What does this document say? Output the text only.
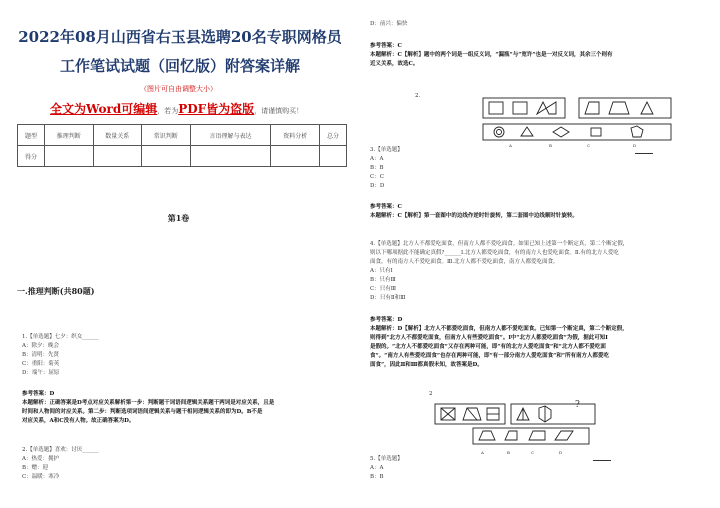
2022年08月山西省右玉县选聘20名专职网格员
工作笔试试题（回忆版）附答案详解
（图片可自由调整大小）
全文为Word可编辑，若为PDF皆为盗版，请谨慎购买！
题型	推理判断	数量关系	常识判断	言语理解与表达	资料分析	总分
得分						
第1卷
一.推理判断(共80题)
1.【单选题】七夕：织女______
A：除夕：晚会
B：清明：先贤
C：重阳：菊英
D：端午：屈原
参考答案：D
本题解析：正确答案是D考点对应关系解析第一步：判断题干词语间逻辑关系题干两词是对应关系，且是
时间和人物间的对应关系。第二步：判断选项词语间逻辑关系与题干相同逻辑关系的即为D。B不是
对应关系，A和C没有人物。故正确答案为D。
2.【单选题】喜欢：讨厌______
A：热爱：拥护
B：赠：迎
C：温暖：寒冷
D：前兴：偏快
参考答案：C
本题解析：C【解析】题中的两个词是一组反义词，“漏瓶”与“宽许”也是一对反义词，其余三个则有
近义关系，故选C。
2.
A	B	C	D
3.【单选题】
A：A
B：B
C：C
D：D
参考答案：C
本题解析：C【解析】第一套图中的边线作逆时针旋转，第二套图中边线顺时针旋转。
4.【单选题】北方人不都爱吃面食，但南方人都不爱吃面食。如果已知上述第一个断定真，第二个断定假，
则以下哪项据此不能确定真假?______Ⅰ.北方人都爱吃面食，有的南方人也爱吃面食。Ⅱ.有的北方人爱吃
面食，有的南方人不爱吃面食。Ⅲ.北方人都不爱吃面食，南方人都爱吃面食。
A：只有Ⅰ
B：只有Ⅲ
C：只有Ⅲ
D：只有Ⅱ和Ⅲ
参考答案：D
本题解析：D【解析】北方人不都爱吃面食，但南方人都不爱吃面食。已知第一个断定真，第二个断定假，
则得到“北方人不都爱吃面食，但南方人有些爱吃面食”。Ⅰ中“北方人都爱吃面食”为假，据此可知Ⅰ
是假的。“北方人不都爱吃面食”又存在两种可能，即“有的北方人爱吃面食”和“北方人都不爱吃面
食”。“南方人有些爱吃面食”也存在两种可能，即“有一部分南方人爱吃面食”和“所有南方人都爱吃
面食”，因此Ⅱ和Ⅲ都真假未知，故答案是D。
2
?
A	B	C	D
5.【单选题】
A：A
B：B
